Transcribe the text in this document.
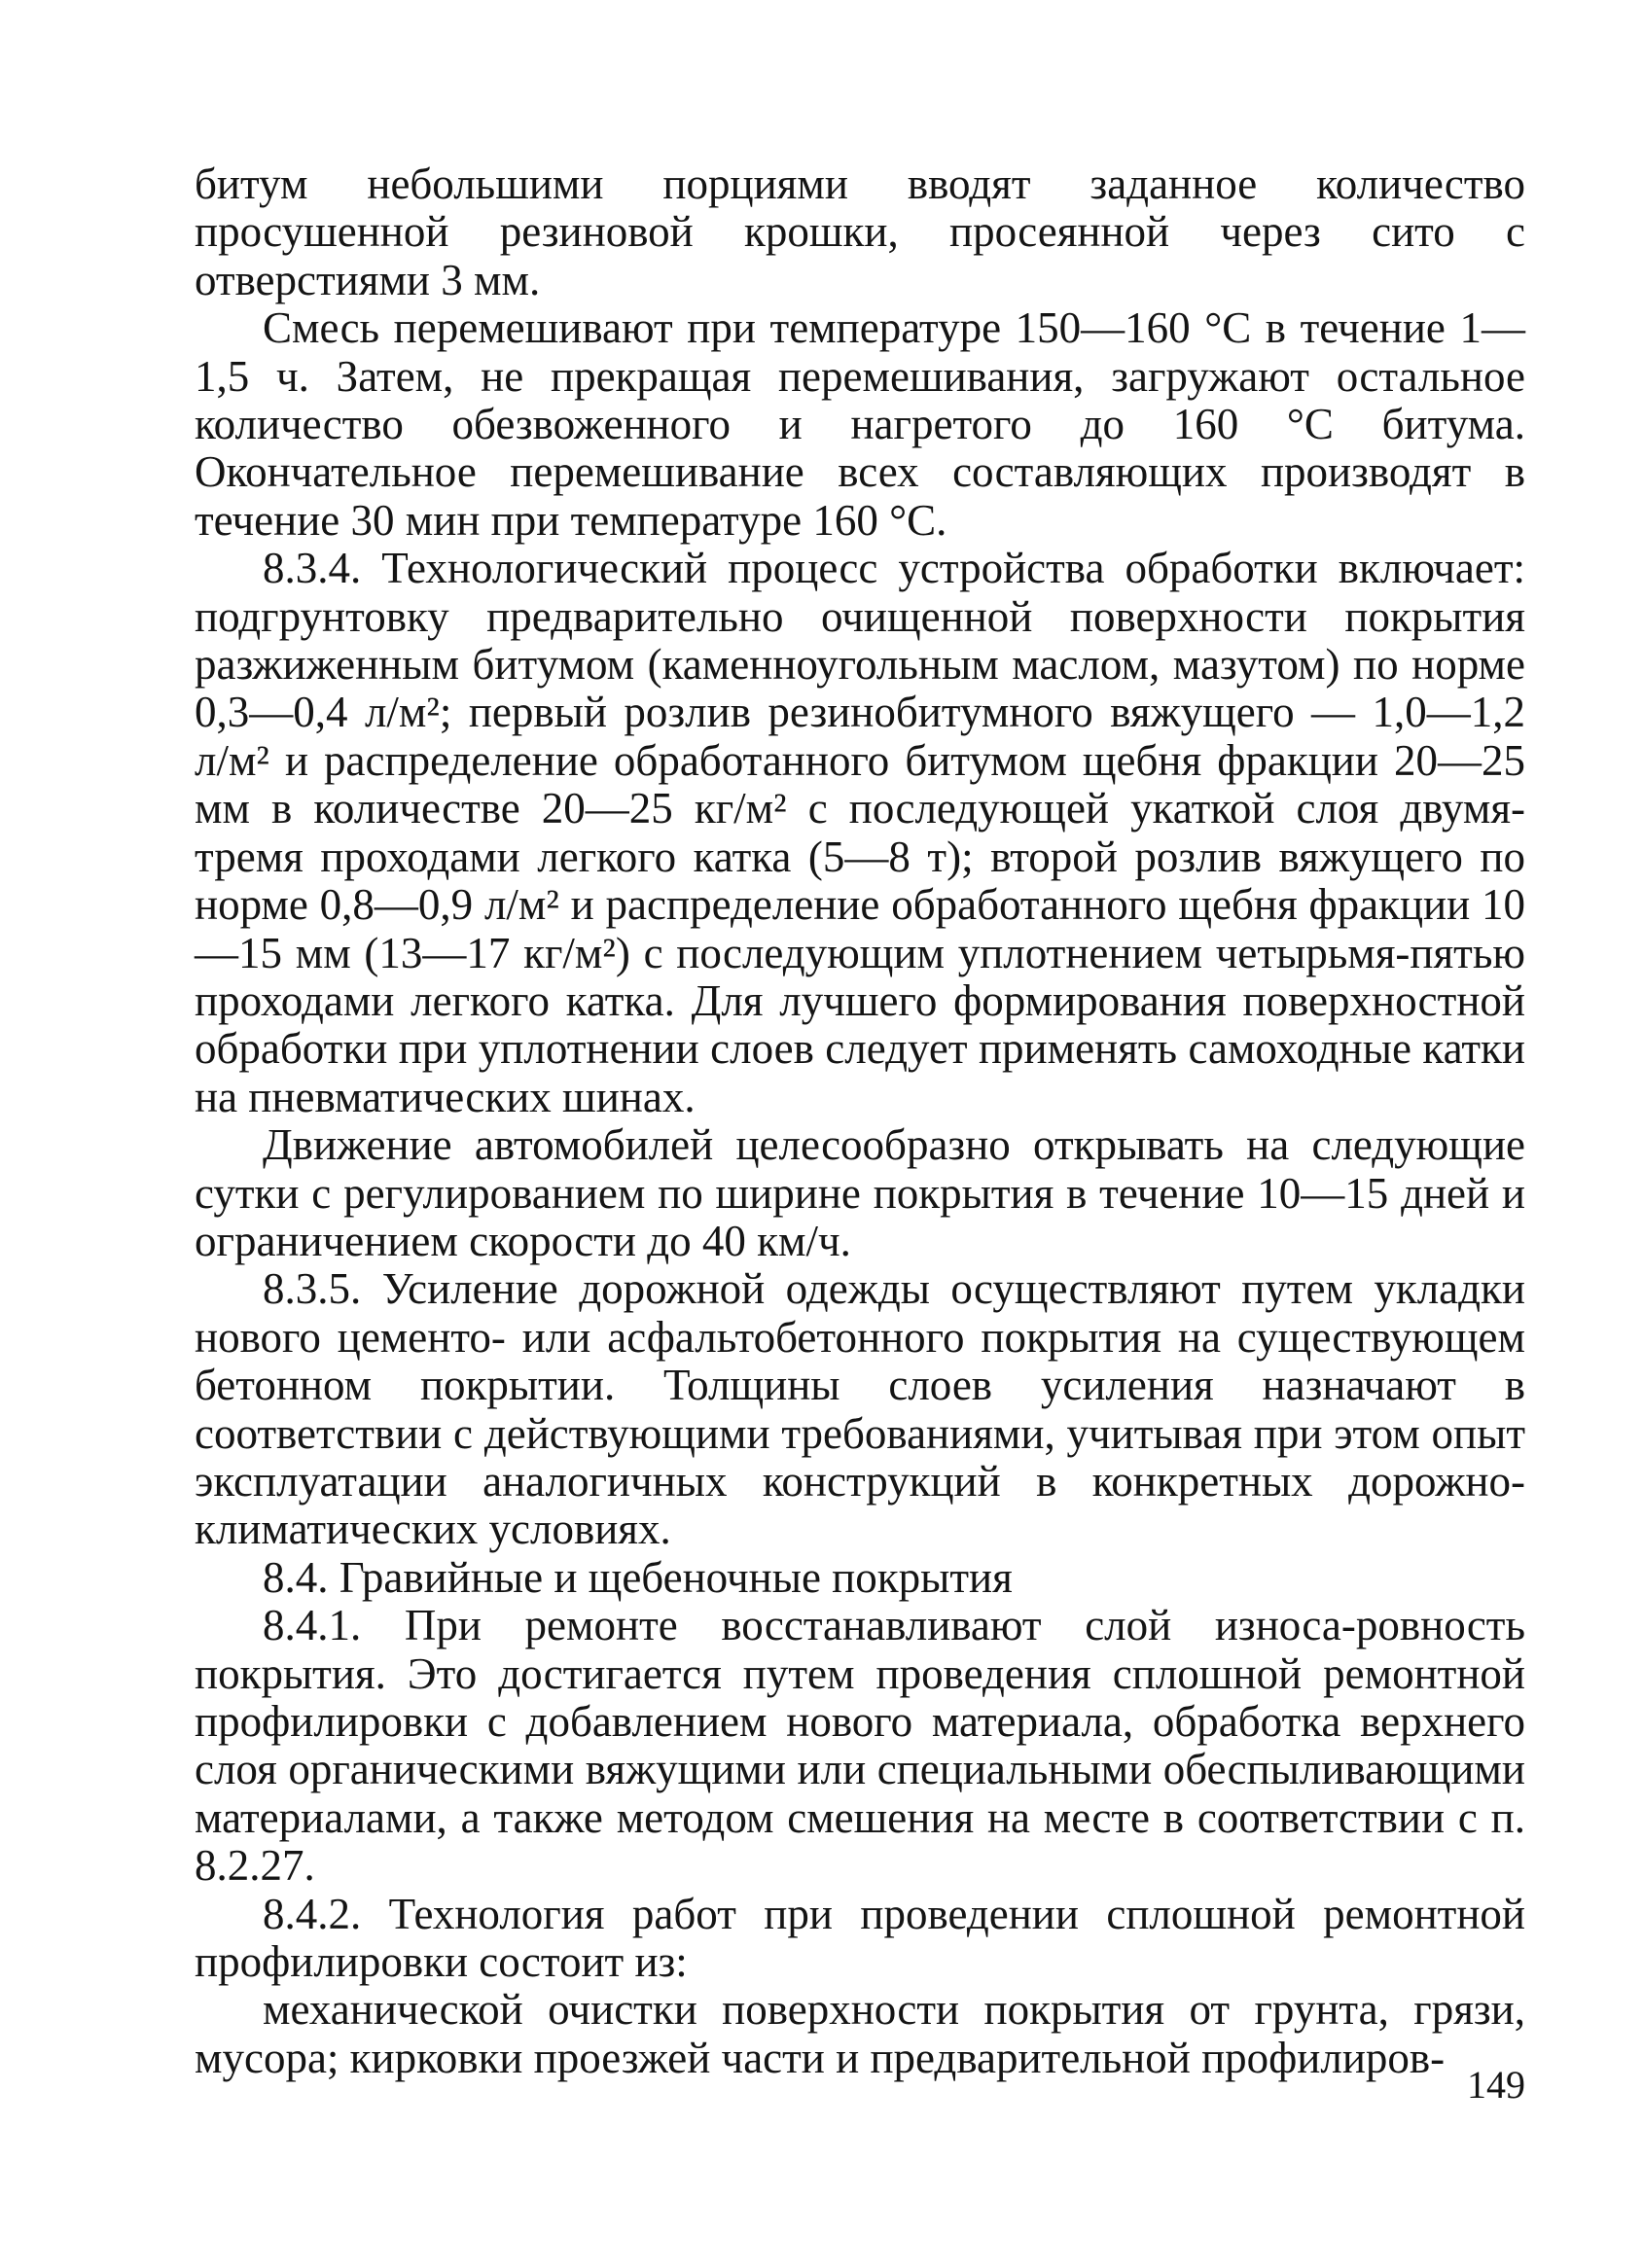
битум небольшими порциями вводят заданное количество просушенной резиновой крошки, просеянной через сито с отверстиями 3 мм.

Смесь перемешивают при температуре 150—160 °С в течение 1—1,5 ч. Затем, не прекращая перемешивания, загружают остальное количество обезвоженного и нагретого до 160 °С битума. Окончательное перемешивание всех составляющих производят в течение 30 мин при температуре 160 °С.

8.3.4. Технологический процесс устройства обработки включает: подгрунтовку предварительно очищенной поверхности покрытия разжиженным битумом (каменноугольным маслом, мазутом) по норме 0,3—0,4 л/м²; первый розлив резинобитумного вяжущего — 1,0—1,2 л/м² и распределение обработанного битумом щебня фракции 20—25 мм в количестве 20—25 кг/м² с последующей укаткой слоя двумя-тремя проходами легкого катка (5—8 т); второй розлив вяжущего по норме 0,8—0,9 л/м² и распределение обработанного щебня фракции 10—15 мм (13—17 кг/м²) с последующим уплотнением четырьмя-пятью проходами легкого катка. Для лучшего формирования поверхностной обработки при уплотнении слоев следует применять самоходные катки на пневматических шинах.

Движение автомобилей целесообразно открывать на следующие сутки с регулированием по ширине покрытия в течение 10—15 дней и ограничением скорости до 40 км/ч.

8.3.5. Усиление дорожной одежды осуществляют путем укладки нового цементо- или асфальтобетонного покрытия на существующем бетонном покрытии. Толщины слоев усиления назначают в соответствии с действующими требованиями, учитывая при этом опыт эксплуатации аналогичных конструкций в конкретных дорожно-климатических условиях.

8.4. Гравийные и щебеночные покрытия

8.4.1. При ремонте восстанавливают слой износа-ровность покрытия. Это достигается путем проведения сплошной ремонтной профилировки с добавлением нового материала, обработка верхнего слоя органическими вяжущими или специальными обеспыливающими материалами, а также методом смешения на месте в соответствии с п. 8.2.27.

8.4.2. Технология работ при проведении сплошной ремонтной профилировки состоит из:

механической очистки поверхности покрытия от грунта, грязи, мусора; кирковки проезжей части и предварительной профилиров-

149
